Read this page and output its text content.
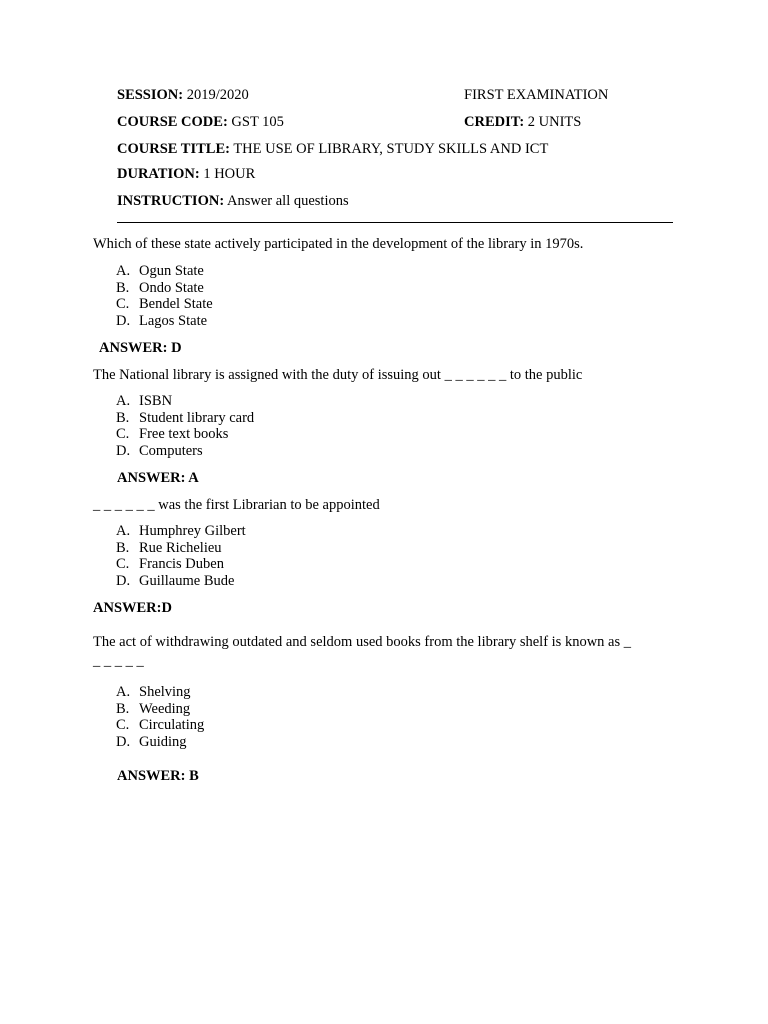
SESSION: 2019/2020	FIRST EXAMINATION
COURSE CODE: GST 105	CREDIT: 2 UNITS
COURSE TITLE: THE USE OF LIBRARY, STUDY SKILLS AND ICT
DURATION: 1 HOUR
INSTRUCTION: Answer all questions
Which of these state actively participated in the development of the library in 1970s.
A. Ogun State
B. Ondo State
C. Bendel State
D. Lagos State
ANSWER: D
The National library is assigned with the duty of issuing out _ _ _ _ _ _ to the public
A. ISBN
B. Student library card
C. Free text books
D. Computers
ANSWER: A
_ _ _ _ _ _ was the first Librarian to be appointed
A. Humphrey Gilbert
B. Rue Richelieu
C. Francis Duben
D. Guillaume Bude
ANSWER:D
The act of withdrawing outdated and seldom used books from the library shelf is known as _
_ _ _ _ _
A. Shelving
B. Weeding
C. Circulating
D. Guiding
ANSWER: B
